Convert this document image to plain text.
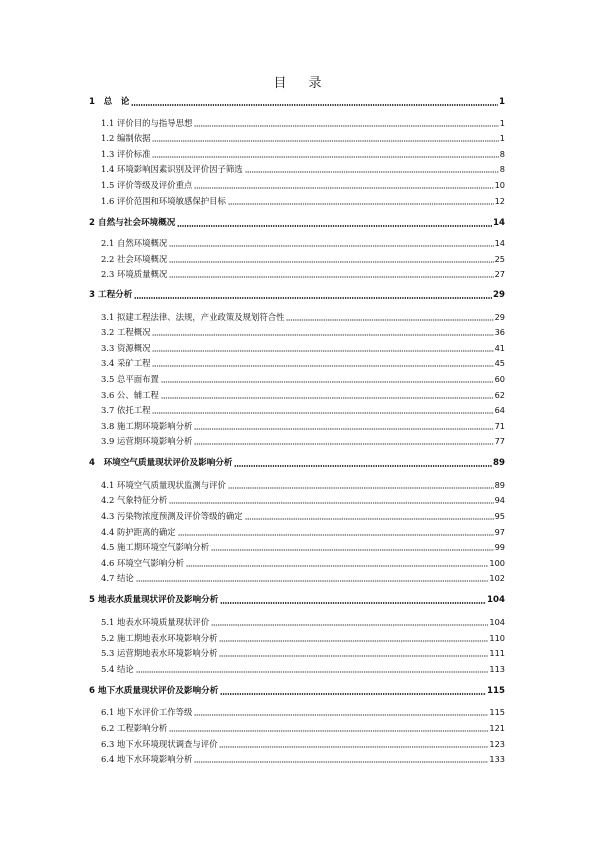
目 录
1　总　论	1
1.1 评价目的与指导思想	1
1.2 编制依据	1
1.3 评价标准	8
1.4 环境影响因素识别及评价因子筛选	8
1.5 评价等级及评价重点	10
1.6 评价范围和环境敏感保护目标	12
2 自然与社会环境概况	14
2.1 自然环境概况	14
2.2 社会环境概况	25
2.3 环境质量概况	27
3 工程分析	29
3.1 拟建工程法律、法规，产业政策及规划符合性	29
3.2 工程概况	36
3.3 资源概况	41
3.4 采矿工程	45
3.5 总平面布置	60
3.6 公、辅工程	62
3.7 依托工程	64
3.8 施工期环境影响分析	71
3.9 运营期环境影响分析	77
4　环境空气质量现状评价及影响分析	89
4.1 环境空气质量现状监测与评价	89
4.2 气象特征分析	94
4.3 污染物浓度预测及评价等级的确定	95
4.4 防护距离的确定	97
4.5 施工期环境空气影响分析	99
4.6 环境空气影响分析	100
4.7 结论	102
5 地表水质量现状评价及影响分析	104
5.1 地表水环境质量现状评价	104
5.2 施工期地表水环境影响分析	110
5.3 运营期地表水环境影响分析	111
5.4 结论	113
6 地下水质量现状评价及影响分析	115
6.1 地下水评价工作等级	115
6.2 工程影响分析	121
6.3 地下水环境现状调查与评价	123
6.4 地下水环境影响分析	133
